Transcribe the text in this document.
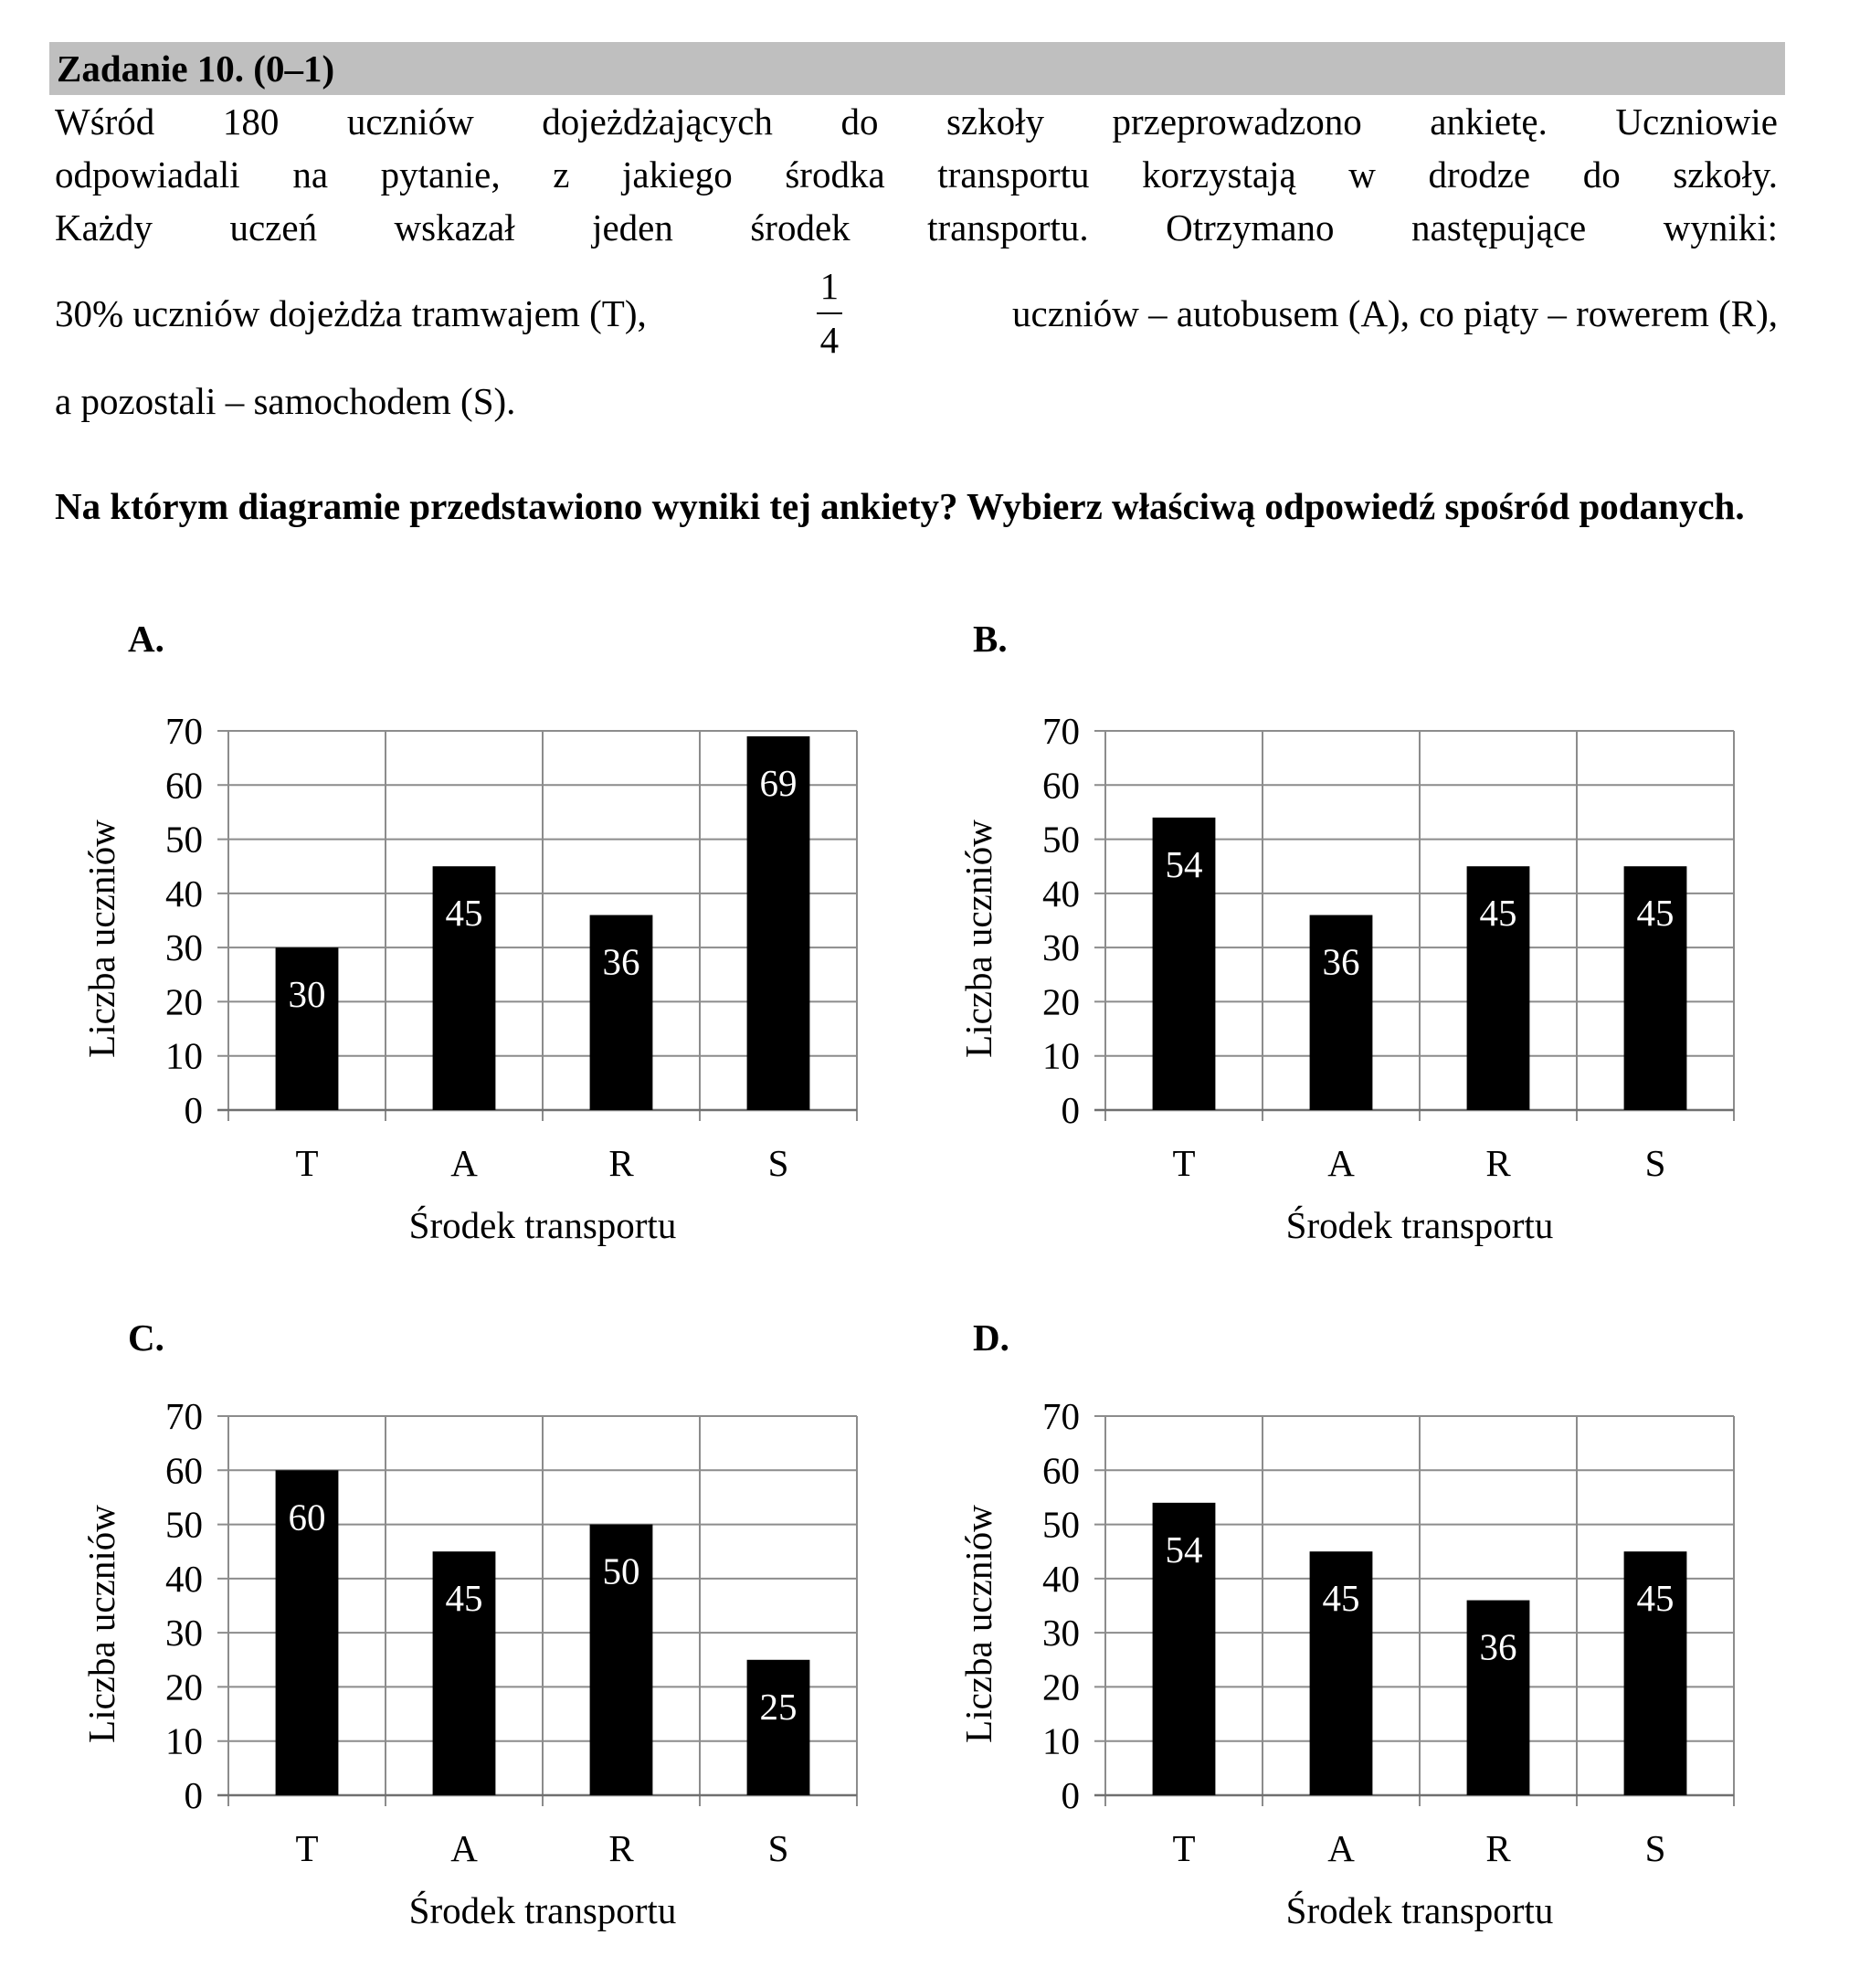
Zadanie 10. (0–1)
Wśród 180 uczniów dojeżdżających do szkoły przeprowadzono ankietę. Uczniowie
odpowiadali na pytanie, z jakiego środka transportu korzystają w drodze do szkoły.
Każdy uczeń wskazał jeden środek transportu. Otrzymano następujące wyniki:
30% uczniów dojeżdża tramwajem (T),	$\frac{1}{4}$	uczniów – autobusem (A), co piąty – rowerem (R),
a pozostali – samochodem (S).
Na którym diagramie przedstawiono wyniki tej ankiety? Wybierz właściwą odpowiedź spośród podanych.
A.	B.
C.	D.
0
10
20
30
40
50
60
70
30
T
45
A
36
R
69
S
Środek transportu
Liczba uczniów
0
10
20
30
40
50
60
70
54
T
36
A
45
R
45
S
Środek transportu
Liczba uczniów
0
10
20
30
40
50
60
70
60
T
45
A
50
R
25
S
Środek transportu
Liczba uczniów
0
10
20
30
40
50
60
70
54
T
45
A
36
R
45
S
Środek transportu
Liczba uczniów
